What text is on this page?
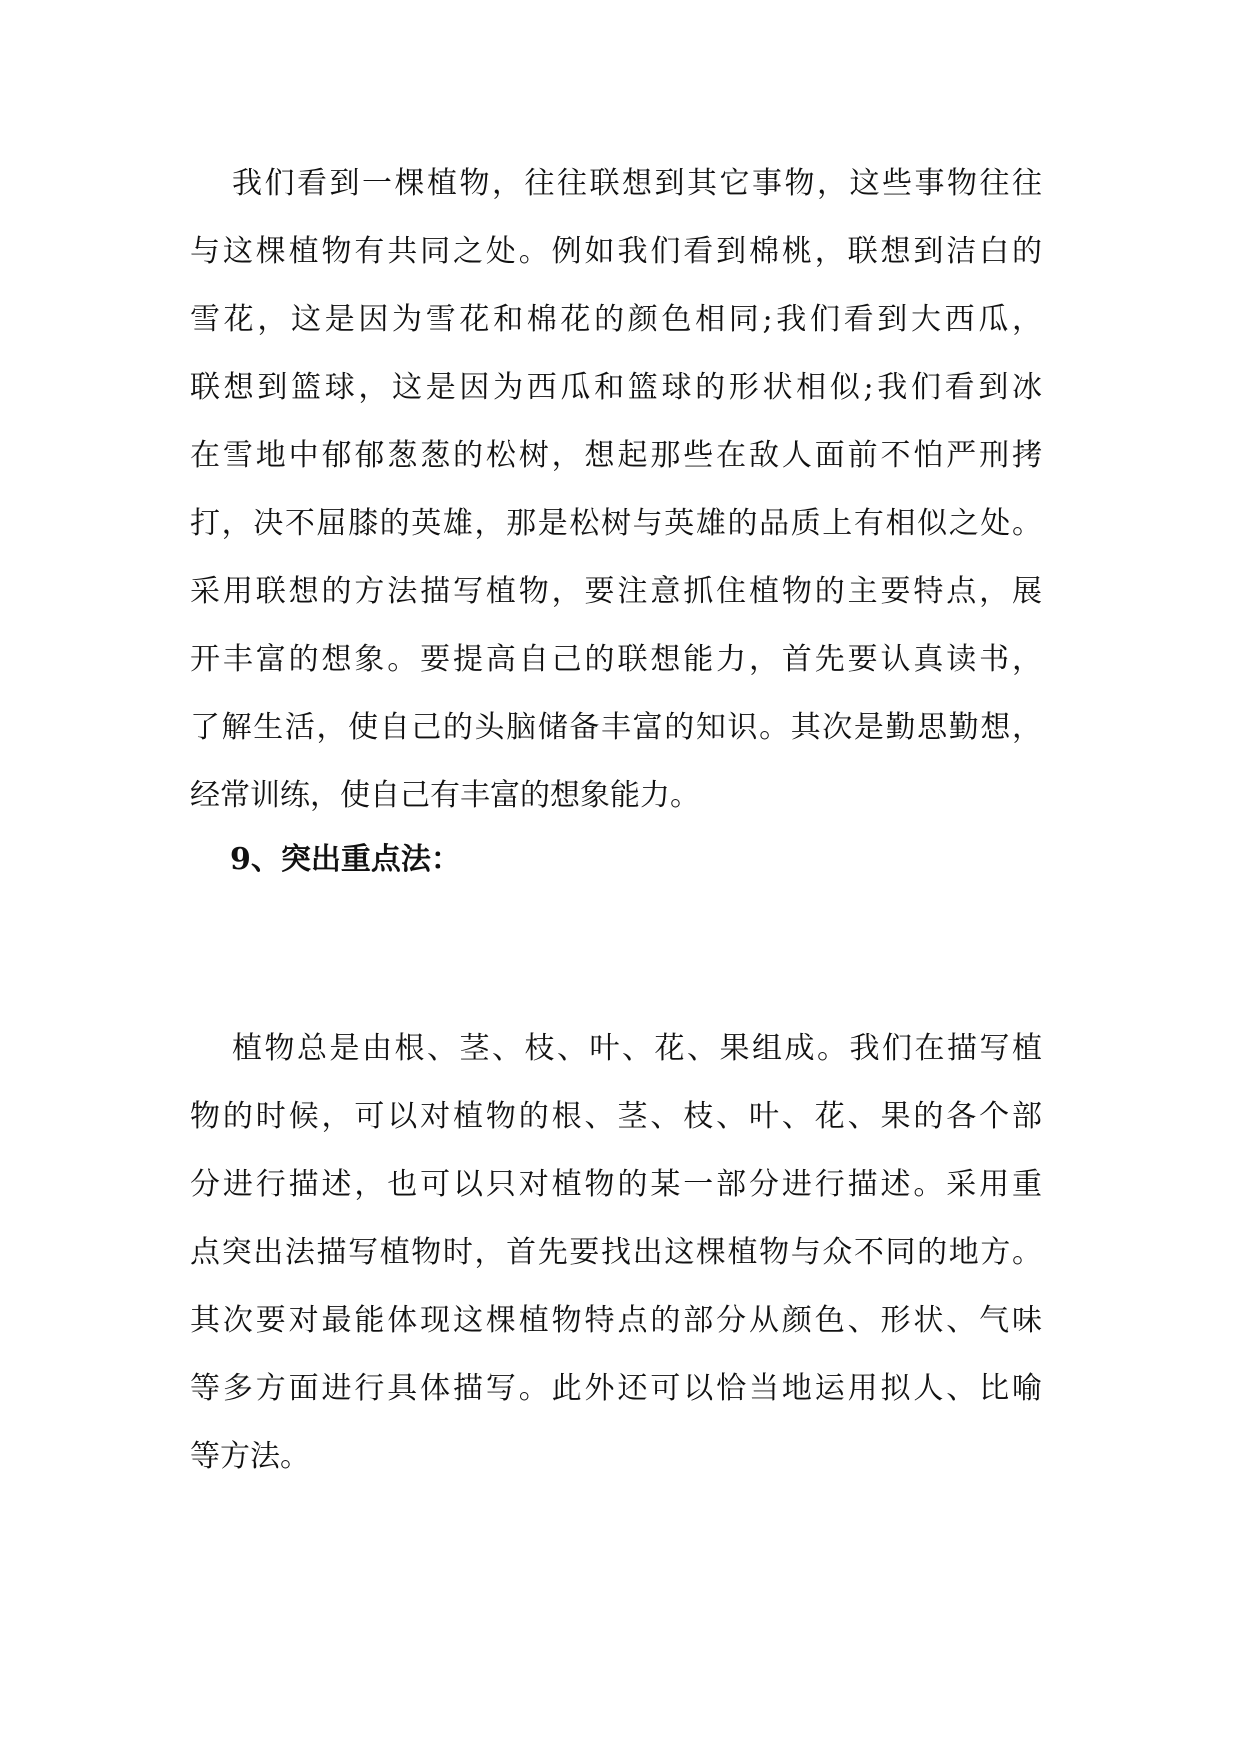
我们看到一棵植物，往往联想到其它事物，这些事物往往

与这棵植物有共同之处。例如我们看到棉桃，联想到洁白的

雪花，这是因为雪花和棉花的颜色相同;我们看到大西瓜，

联想到篮球，这是因为西瓜和篮球的形状相似;我们看到冰

在雪地中郁郁葱葱的松树，想起那些在敌人面前不怕严刑拷

打，决不屈膝的英雄，那是松树与英雄的品质上有相似之处。

采用联想的方法描写植物，要注意抓住植物的主要特点，展

开丰富的想象。要提高自己的联想能力，首先要认真读书，

了解生活，使自己的头脑储备丰富的知识。其次是勤思勤想，

经常训练，使自己有丰富的想象能力。

9、突出重点法：

植物总是由根、茎、枝、叶、花、果组成。我们在描写植

物的时候，可以对植物的根、茎、枝、叶、花、果的各个部

分进行描述，也可以只对植物的某一部分进行描述。采用重

点突出法描写植物时，首先要找出这棵植物与众不同的地方。

其次要对最能体现这棵植物特点的部分从颜色、形状、气味

等多方面进行具体描写。此外还可以恰当地运用拟人、比喻

等方法。
